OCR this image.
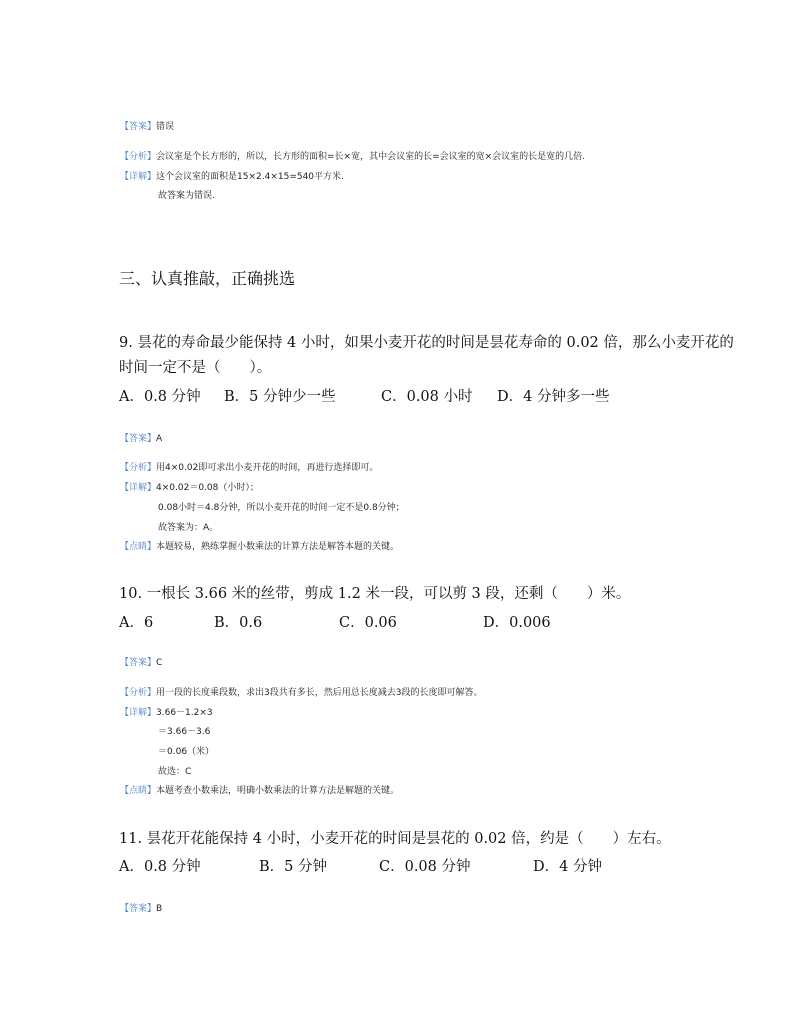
【答案】错误
【分析】会议室是个长方形的，所以，长方形的面积=长×宽，其中会议室的长=会议室的宽×会议室的长是宽的几倍.
【详解】这个会议室的面积是15×2.4×15=540平方米.
故答案为错误.
三、认真推敲，正确挑选
9. 昙花的寿命最少能保持 4 小时，如果小麦开花的时间是昙花寿命的 0.02 倍，那么小麦开花的
时间一定不是（　　）。
A．0.8 分钟 B．5 分钟少一些	C．0.08 小时 D．4 分钟多一些
【答案】A
【分析】用4×0.02即可求出小麦开花的时间，再进行选择即可。
【详解】4×0.02＝0.08（小时）；
0.08小时＝4.8分钟，所以小麦开花的时间一定不是0.8分钟；
故答案为：A。
【点睛】本题较易，熟练掌握小数乘法的计算方法是解答本题的关键。
10. 一根长 3.66 米的丝带，剪成 1.2 米一段，可以剪 3 段，还剩（　　）米。
A．6	B．0.6	C．0.06	D．0.006
【答案】C
【分析】用一段的长度乘段数，求出3段共有多长，然后用总长度减去3段的长度即可解答。
【详解】3.66－1.2×3
＝3.66－3.6
＝0.06（米）
故选：C
【点睛】本题考查小数乘法，明确小数乘法的计算方法是解题的关键。
11. 昙花开花能保持 4 小时，小麦开花的时间是昙花的 0.02 倍，约是（　　）左右。
A．0.8 分钟	B．5 分钟	C．0.08 分钟	D．4 分钟
【答案】B
